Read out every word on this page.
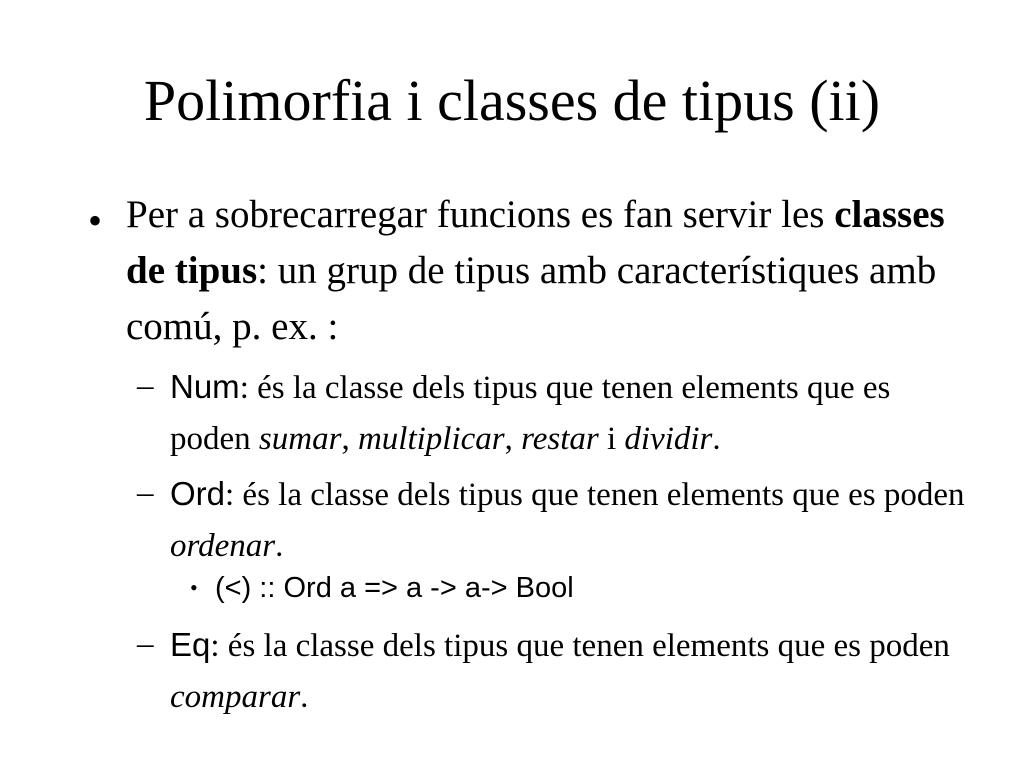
Polimorfia i classes de tipus (ii)
• Per a sobrecarregar funcions es fan servir les classes de tipus: un grup de tipus amb característiques amb comú, p. ex. :
– Num: és la classe dels tipus que tenen elements que es poden sumar, multiplicar, restar i dividir.
– Ord: és la classe dels tipus que tenen elements que es poden ordenar.
• (<) :: Ord a => a -> a-> Bool
– Eq: és la classe dels tipus que tenen elements que es poden comparar.
